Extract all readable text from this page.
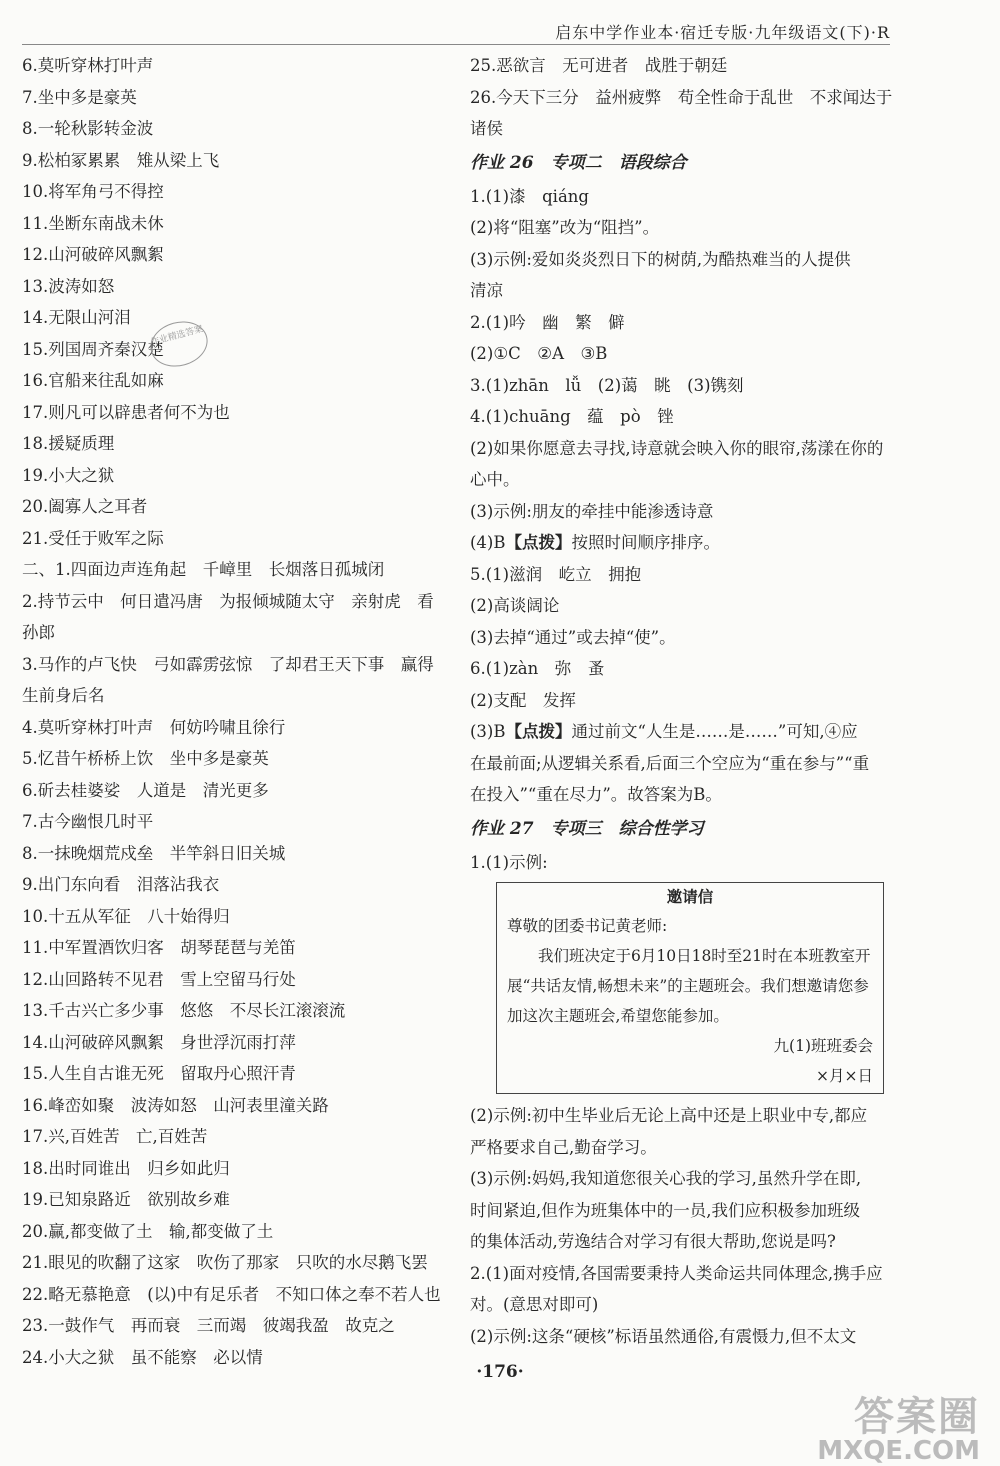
启东中学作业本·宿迁专版·九年级语文(下)·R
6.莫听穿林打叶声
7.坐中多是豪英
8.一轮秋影转金波
9.松柏冢累累　雉从梁上飞
10.将军角弓不得控
11.坐断东南战未休
12.山河破碎风飘絮
13.波涛如怒
14.无限山河泪
15.列国周齐秦汉楚
16.官船来往乱如麻
17.则凡可以辟患者何不为也
18.援疑质理
19.小大之狱
20.阖寡人之耳者
21.受任于败军之际
二、1.四面边声连角起　千嶂里　长烟落日孤城闭
2.持节云中　何日遣冯唐　为报倾城随太守　亲射虎　看
孙郎
3.马作的卢飞快　弓如霹雳弦惊　了却君王天下事　赢得
生前身后名
4.莫听穿林打叶声　何妨吟啸且徐行
5.忆昔午桥桥上饮　坐中多是豪英
6.斫去桂婆娑　人道是　清光更多
7.古今幽恨几时平
8.一抹晚烟荒戍垒　半竿斜日旧关城
9.出门东向看　泪落沾我衣
10.十五从军征　八十始得归
11.中军置酒饮归客　胡琴琵琶与羌笛
12.山回路转不见君　雪上空留马行处
13.千古兴亡多少事　悠悠　不尽长江滚滚流
14.山河破碎风飘絮　身世浮沉雨打萍
15.人生自古谁无死　留取丹心照汗青
16.峰峦如聚　波涛如怒　山河表里潼关路
17.兴,百姓苦　亡,百姓苦
18.出时同谁出　归乡如此归
19.已知泉路近　欲别故乡难
20.赢,都变做了土　输,都变做了土
21.眼见的吹翻了这家　吹伤了那家　只吹的水尽鹅飞罢
22.略无慕艳意　(以)中有足乐者　不知口体之奉不若人也
23.一鼓作气　再而衰　三而竭　彼竭我盈　故克之
24.小大之狱　虽不能察　必以情
25.恶欲言　无可进者　战胜于朝廷
26.今天下三分　益州疲弊　苟全性命于乱世　不求闻达于
诸侯
作业 26　专项二　语段综合
1.(1)漆　qiáng
(2)将“阻塞”改为“阻挡”。
(3)示例:爱如炎炎烈日下的树荫,为酷热难当的人提供
清凉
2.(1)吟　幽　繁　僻
(2)①C　②A　③B
3.(1)zhān　lǚ　(2)蔼　眺　(3)镌刻
4.(1)chuāng　蕴　pò　锉
(2)如果你愿意去寻找,诗意就会映入你的眼帘,荡漾在你的
心中。
(3)示例:朋友的牵挂中能渗透诗意
(4)B【点拨】按照时间顺序排序。
5.(1)滋润　屹立　拥抱
(2)高谈阔论
(3)去掉“通过”或去掉“使”。
6.(1)zàn　弥　蚤
(2)支配　发挥
(3)B【点拨】通过前文“人生是……是……”可知,④应
在最前面;从逻辑关系看,后面三个空应为“重在参与”“重
在投入”“重在尽力”。故答案为B。
作业 27　专项三　综合性学习
1.(1)示例:
邀请信
尊敬的团委书记黄老师:
我们班决定于6月10日18时至21时在本班教室开展“共话友情,畅想未来”的主题班会。我们想邀请您参加这次主题班会,希望您能参加。
九(1)班班委会
×月×日
(2)示例:初中生毕业后无论上高中还是上职业中专,都应
严格要求自己,勤奋学习。
(3)示例:妈妈,我知道您很关心我的学习,虽然升学在即,
时间紧迫,但作为班集体中的一员,我们应积极参加班级
的集体活动,劳逸结合对学习有很大帮助,您说是吗?
2.(1)面对疫情,各国需要秉持人类命运共同体理念,携手应
对。(意思对即可)
(2)示例:这条“硬核”标语虽然通俗,有震慑力,但不太文
作业精选答案
·176·
答案圈
MXQE.COM
